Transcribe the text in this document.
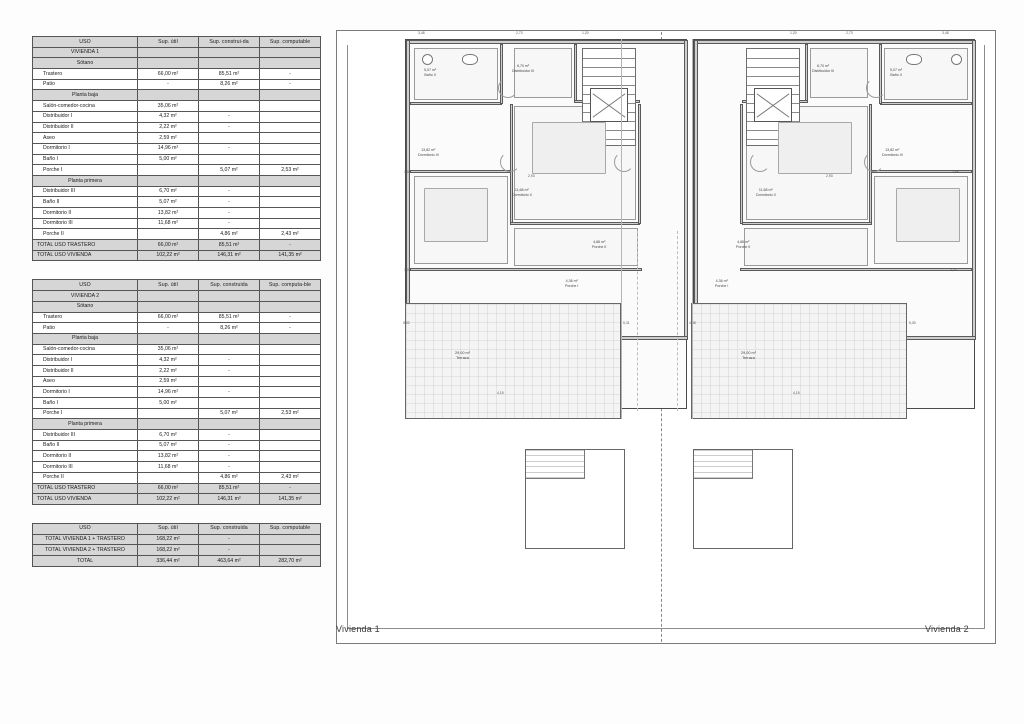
USO	Sup. útil	Sup. construi-da	Sup. computable
VIVIENDA 1			
Sótano			
Trastero	66,00 m²	85,51 m²	-
Patio	-	8,26 m²	-
Planta baja			
Salón-comedor-cocina	35,06 m²		
Distribuidor I	4,32 m²	-	
Distribuidor II	2,22 m²	-	
Aseo	2,59 m²		
Dormitorio I	14,96 m²	-	
Baño I	5,00 m²		
Porche I		5,07 m²	2,53 m²
Planta primera			
Distribuidor III	6,70 m²	-	
Baño II	5,07 m²	-	
Dormitorio II	13,82 m²	-	
Dormitorio III	11,68 m²	-	
Porche II		4,86 m²	2,43 m²
TOTAL USO TRASTERO	66,00 m²	85,51 m²	-
TOTAL USO VIVIENDA	102,22 m²	146,31 m²	141,35 m²
USO	Sup. útil	Sup. construida	Sup. computa-ble
VIVIENDA 2			
Sótano			
Trastero	66,00 m²	85,51 m²	-
Patio	-	8,26 m²	-
Planta baja			
Salón-comedor-cocina	35,06 m²		
Distribuidor I	4,32 m²	-	
Distribuidor II	2,22 m²	-	
Aseo	2,59 m²		
Dormitorio I	14,96 m²	-	
Baño I	5,00 m²		
Porche I		5,07 m²	2,53 m²
Planta primera			
Distribuidor III	6,70 m²	-	
Baño II	5,07 m²	-	
Dormitorio II	13,82 m²	-	
Dormitorio III	11,68 m²	-	
Porche II		4,86 m²	2,43 m²
TOTAL USO TRASTERO	66,00 m²	85,51 m²	-
TOTAL USO VIVIENDA	102,22 m²	146,31 m²	141,35 m²
USO	Sup. útil	Sup. construida	Sup. computable
TOTAL VIVIENDA 1 + TRASTERO	168,22 m²	-	
TOTAL VIVIENDA 2 + TRASTERO	168,22 m²	-	
TOTAL	336,44 m²	463,64 m²	282,70 m²
5,07 m²
Baño II
6,70 m²
Distribuidor III
13,82 m²
Dormitorio III
11,68 m²
Dormitorio II
4,86 m²
Porche II
2,73	1,20
3,48
3,88
2,93
3,02
5,07 m²
Baño II
6,70 m²
Distribuidor III
13,82 m²
Dormitorio III
11,68 m²
Dormitorio II
4,86 m²
Porche II
2,73
1,20	3,48
3,88
2,93
3,02
29,00 m²
Terraza
29,00 m²
Terraza
5,02	5,31	4,48	5,30
4,15	4,15
4,36 m²
Porche I
4,36 m²
Porche I
Vivienda 1	Vivienda 2
